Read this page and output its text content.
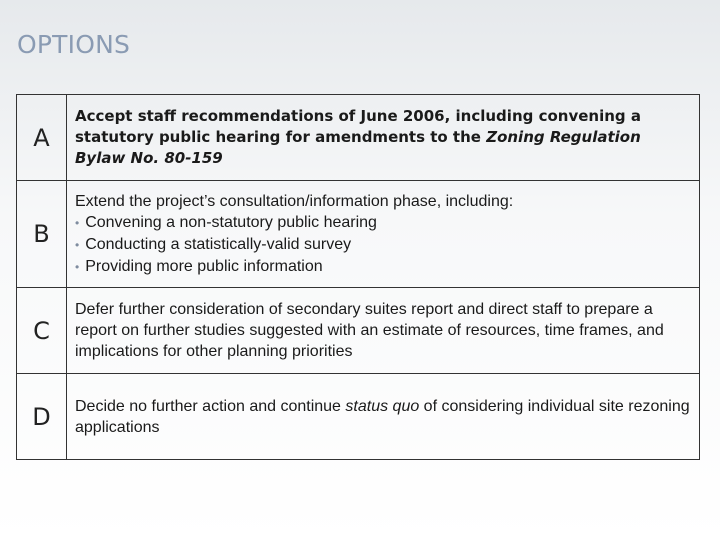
OPTIONS
A	Accept staff recommendations of June 2006, including convening a statutory public hearing for amendments to the Zoning Regulation Bylaw No. 80-159
B	Extend the project’s consultation/information phase, including:
• Convening a non-statutory public hearing
• Conducting a statistically-valid survey
• Providing more public information

C	Defer further consideration of secondary suites report and direct staff to prepare a report on further studies suggested with an estimate of resources, time frames, and implications for other planning priorities
D	Decide no further action and continue status quo of considering individual site rezoning applications
